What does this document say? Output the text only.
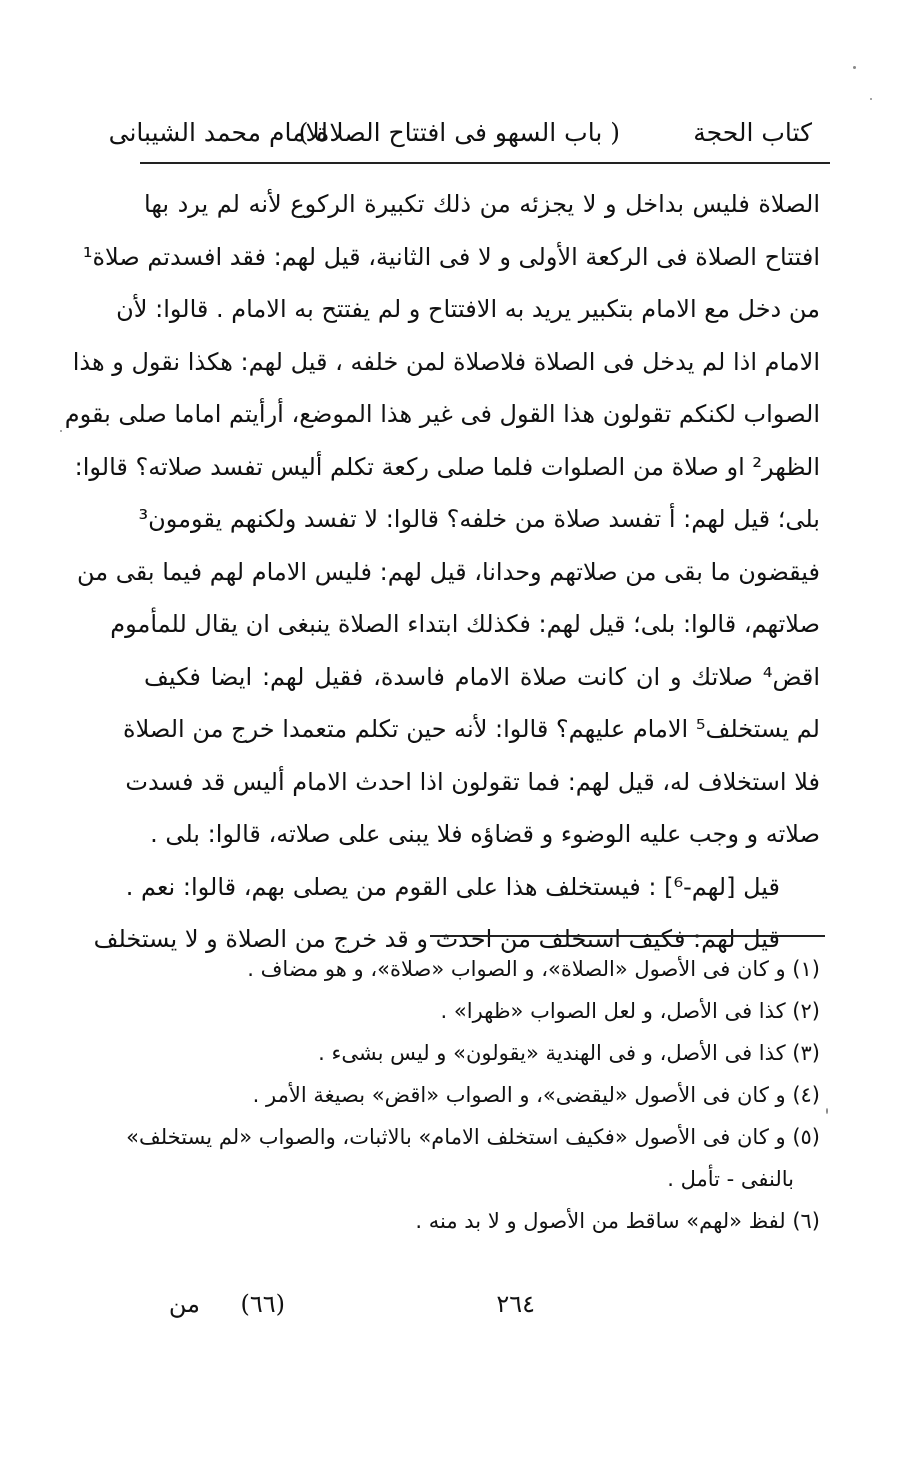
كتاب الحجة
( باب السهو فى افتتاح الصلاة )
للامام محمد الشيبانى
الصلاة فليس بداخل و لا يجزئه من ذلك تكبيرة الركوع لأنه لم يرد بها
افتتاح الصلاة فى الركعة الأولى و لا فى الثانية، قيل لهم: فقد افسدتم صلاة¹
من دخل مع الامام بتكبير يريد به الافتتاح و لم يفتتح به الامام . قالوا: لأن
الامام اذا لم يدخل فى الصلاة فلاصلاة لمن خلفه ، قيل لهم: هكذا نقول و هذا
الصواب لكنكم تقولون هذا القول فى غير هذا الموضع، أرأيتم اماما صلى بقوم
الظهر² او صلاة من الصلوات فلما صلى ركعة تكلم أليس تفسد صلاته؟ قالوا:
بلى؛ قيل لهم: أ تفسد صلاة من خلفه؟ قالوا: لا تفسد ولكنهم يقومون³
فيقضون ما بقى من صلاتهم وحدانا، قيل لهم: فليس الامام لهم فيما بقى من
صلاتهم، قالوا: بلى؛ قيل لهم: فكذلك ابتداء الصلاة ينبغى ان يقال للمأموم
اقض⁴ صلاتك و ان كانت صلاة الامام فاسدة، فقيل لهم: ايضا فكيف
لم يستخلف⁵ الامام عليهم؟ قالوا: لأنه حين تكلم متعمدا خرج من الصلاة
فلا استخلاف له، قيل لهم: فما تقولون اذا احدث الامام أليس قد فسدت
صلاته و وجب عليه الوضوء و قضاؤه فلا يبنى على صلاته، قالوا: بلى .
قيل [لهم-⁶] : فيستخلف هذا على القوم من يصلى بهم، قالوا: نعم .
قيل لهم: فكيف استخلف من احدث و قد خرج من الصلاة و لا يستخلف
(١) و كان فى الأصول «الصلاة»، و الصواب «صلاة»، و هو مضاف .
(٢) كذا فى الأصل، و لعل الصواب «ظهرا» .
(٣) كذا فى الأصل، و فى الهندية «يقولون» و ليس بشىء .
(٤) و كان فى الأصول «ليقضى»، و الصواب «اقض» بصيغة الأمر .
(٥) و كان فى الأصول «فكيف استخلف الامام» بالاثبات، والصواب «لم يستخلف»
بالنفى - تأمل .
(٦) لفظ «لهم» ساقط من الأصول و لا بد منه .
٢٦٤
(٦٦)
من
